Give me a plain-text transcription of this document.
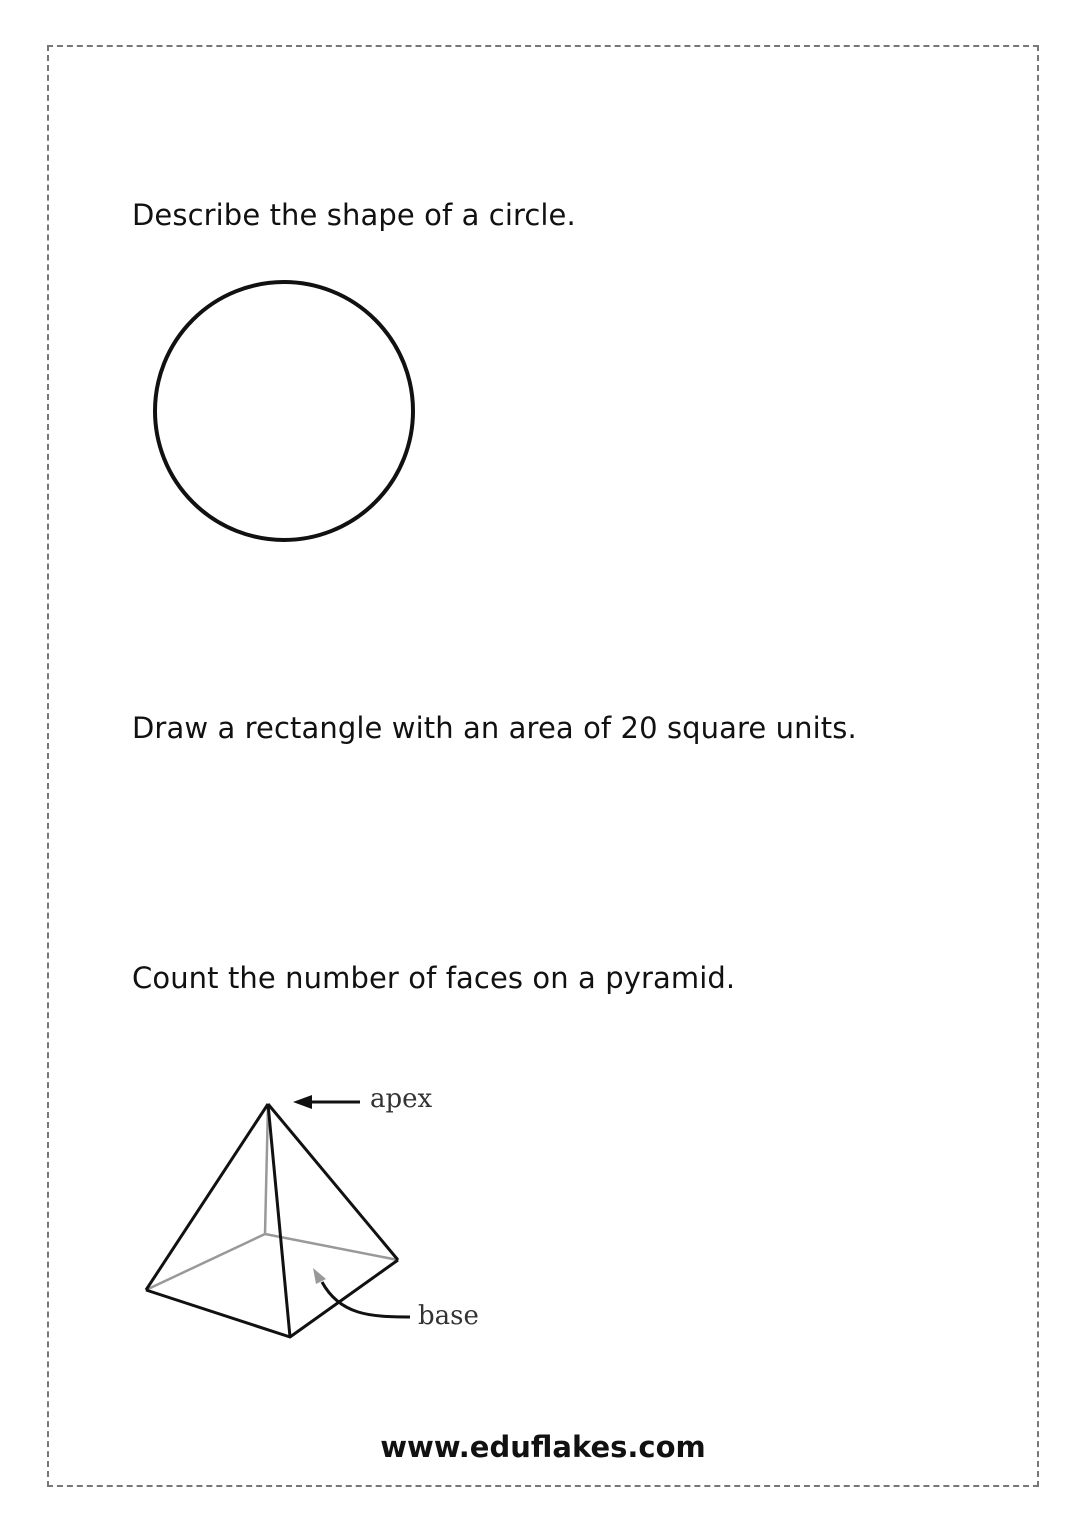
Describe the shape of a circle.

Draw a rectangle with an area of 20 square units.

Count the number of faces on a pyramid.

apex
base
www.eduflakes.com
